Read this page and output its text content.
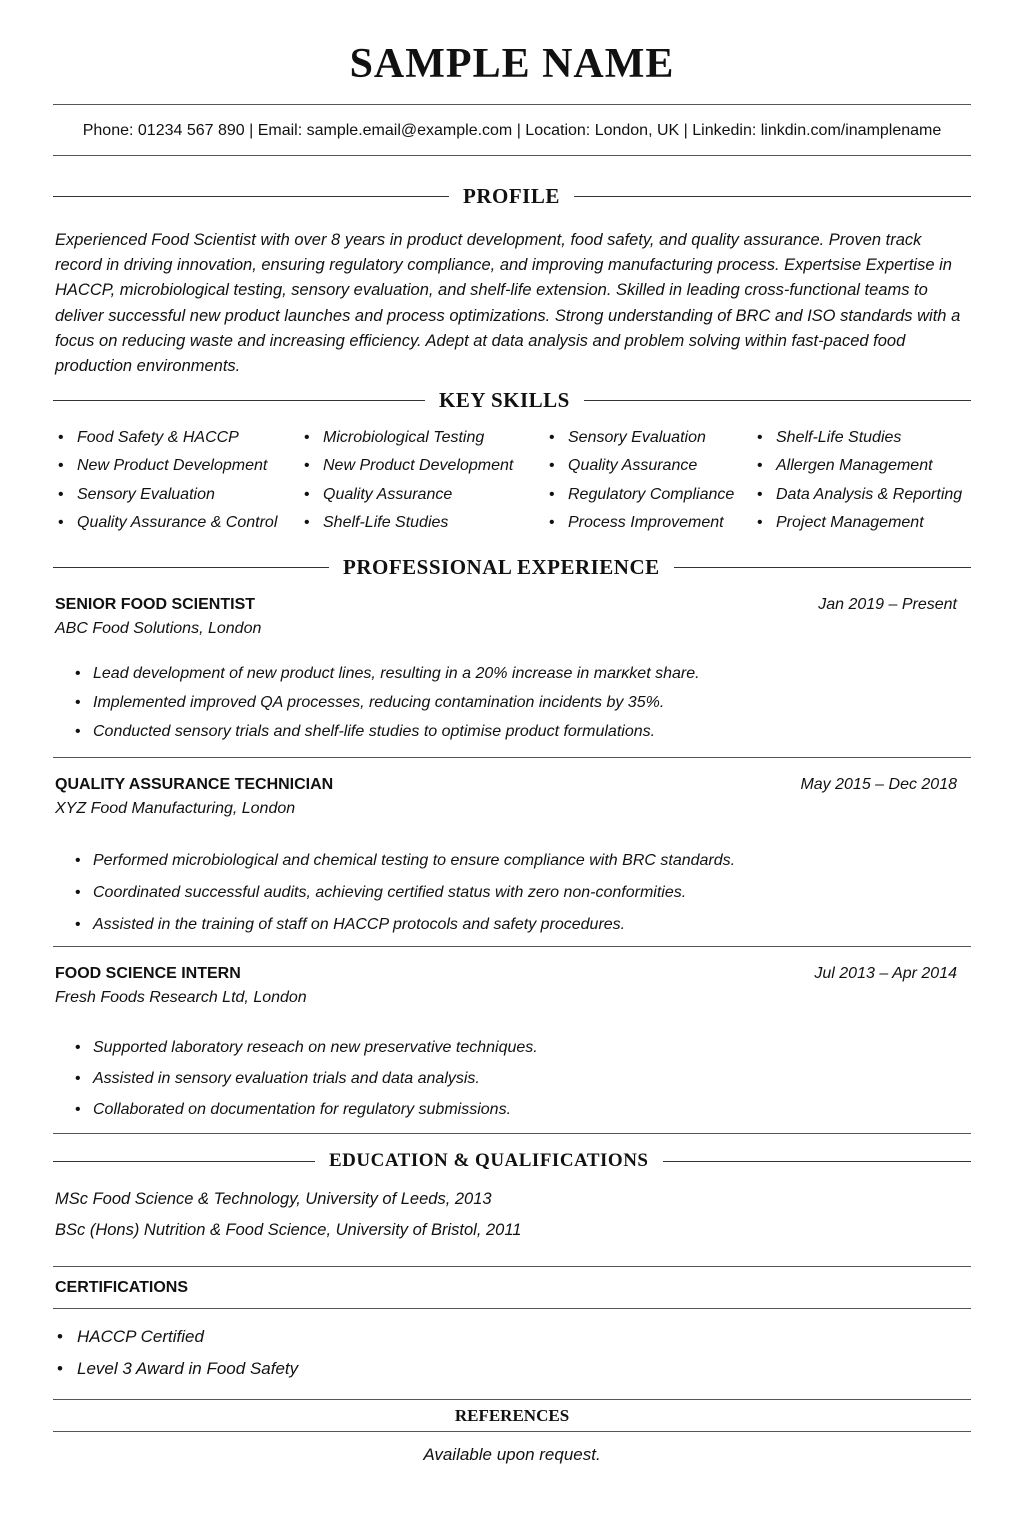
SAMPLE NAME
Phone: 01234 567 890 | Email: sample.email@example.com | Location: London, UK | Linkedin: linkdin.com/inamplename
PROFILE

Experienced Food Scientist with over 8 years in product development, food safety, and quality assurance. Proven track record in driving innovation, ensuring regulatory compliance, and improving manufacturing process. Expertsise Expertise in HACCP, microbiological testing, sensory evaluation, and shelf-life extension. Skilled in leading cross-functional teams to deliver successful new product launches and process optimizations. Strong understanding of BRC and ISO standards with a focus on reducing waste and increasing efficiency. Adept at data analysis and problem solving within fast-paced food production environments.

KEY SKILLS
• Food Safety & HACCP
• New Product Development
• Sensory Evaluation
• Quality Assurance & Control
• Microbiological Testing
• New Product Development
• Quality Assurance
• Shelf-Life Studies
• Sensory Evaluation
• Quality Assurance
• Regulatory Compliance
• Process Improvement
• Shelf-Life Studies
• Allergen Management
• Data Analysis & Reporting
• Project Management
PROFESSIONAL EXPERIENCE

SENIOR FOOD SCIENTIST

ABC Food Solutions, London

Jan 2019 – Present
• Lead development of new product lines, resulting in a 20% increase in marκket share.
• Implemented improved QA processes, reducing contamination incidents by 35%.
• Conducted sensory trials and shelf-life studies to optimise product formulations.

QUALITY ASSURANCE TECHNICIAN

XYZ Food Manufacturing, London

May 2015 – Dec 2018
• Performed microbiological and chemical testing to ensure compliance with BRC standards.
• Coordinated successful audits, achieving certified status with zero non-conformities.
• Assisted in the training of staff on HACCP protocols and safety procedures.

FOOD SCIENCE INTERN

Fresh Foods Research Ltd, London

Jul 2013 – Apr 2014
• Supported laboratory reseach on new preservative techniques.
• Assisted in sensory evaluation trials and data analysis.
• Collaborated on documentation for regulatory submissions.
EDUCATION & QUALIFICATIONS
MSc Food Science & Technology, University of Leeds, 2013
BSc (Hons) Nutrition & Food Science, University of Bristol, 2011
CERTIFICATIONS
• HACCP Certified
• Level 3 Award in Food Safety
REFERENCES
Available upon request.
